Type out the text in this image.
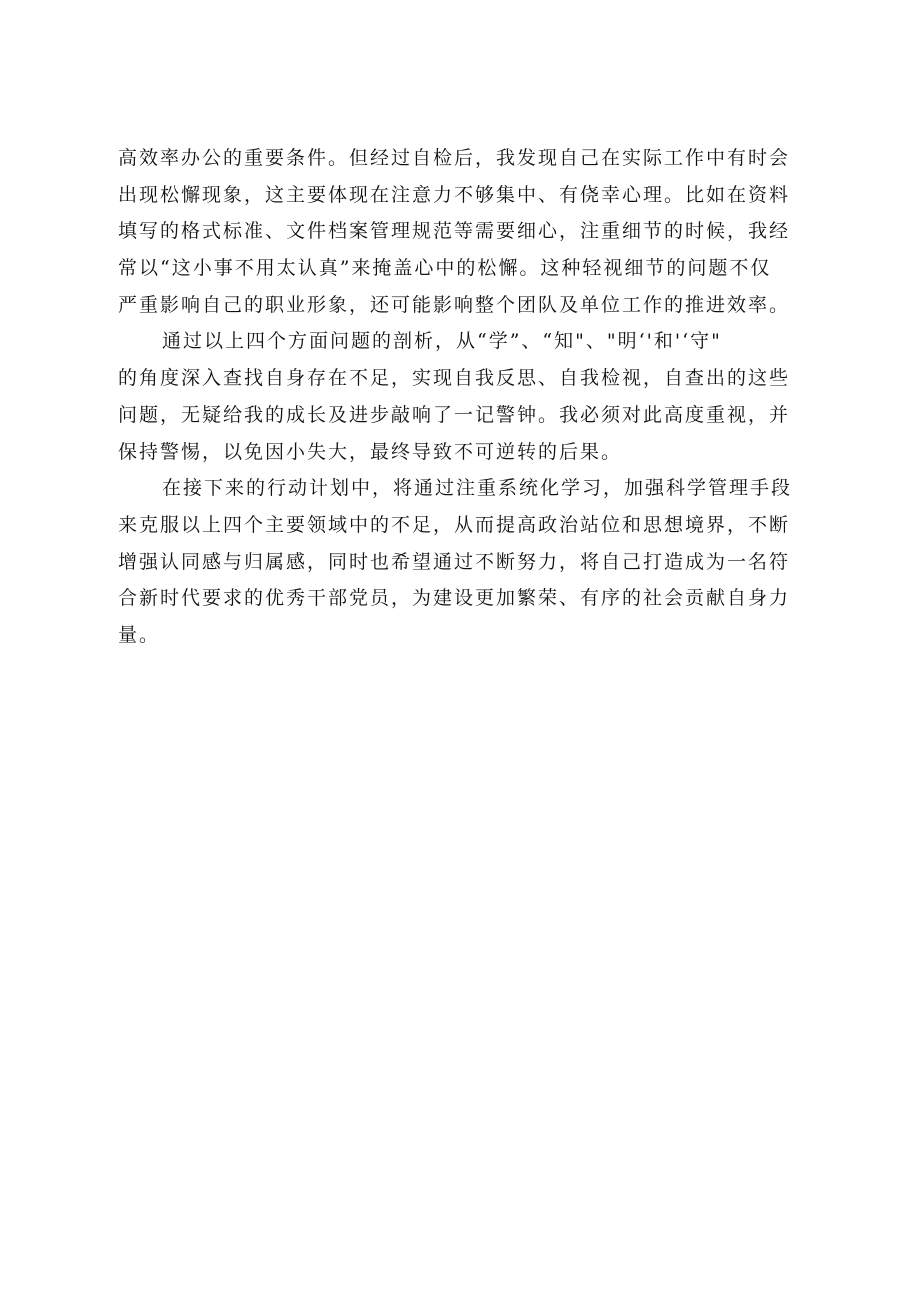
高效率办公的重要条件。但经过自检后，我发现自己在实际工作中有时会
出现松懈现象，这主要体现在注意力不够集中、有侥幸心理。比如在资料
填写的格式标准、文件档案管理规范等需要细心，注重细节的时候，我经
常以“这小事不用太认真”来掩盖心中的松懈。这种轻视细节的问题不仅
严重影响自己的职业形象，还可能影响整个团队及单位工作的推进效率。
通过以上四个方面问题的剖析，从“学”、“知"、"明‘'和'‘守"
的角度深入查找自身存在不足，实现自我反思、自我检视，自查出的这些
问题，无疑给我的成长及进步敲响了一记警钟。我必须对此高度重视，并
保持警惕，以免因小失大，最终导致不可逆转的后果。
在接下来的行动计划中，将通过注重系统化学习，加强科学管理手段
来克服以上四个主要领域中的不足，从而提高政治站位和思想境界，不断
增强认同感与归属感，同时也希望通过不断努力，将自己打造成为一名符
合新时代要求的优秀干部党员，为建设更加繁荣、有序的社会贡献自身力
量。
